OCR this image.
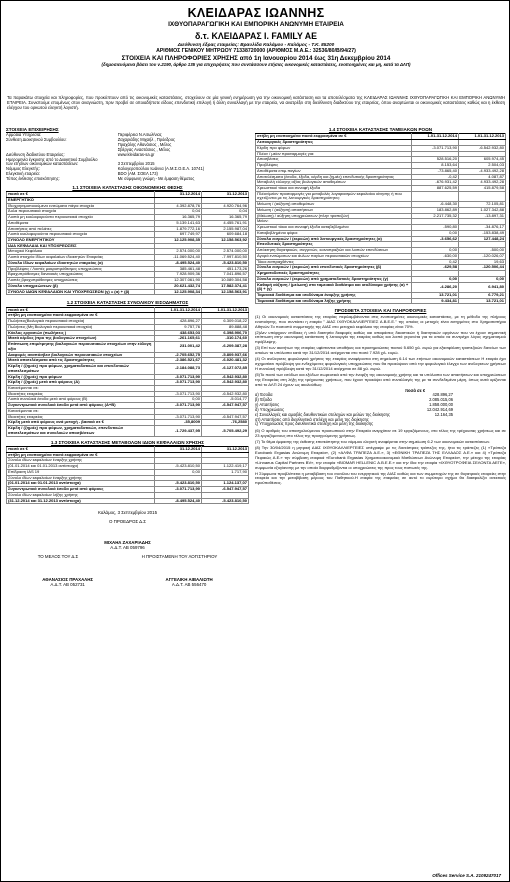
ΚΛΕΙΔΑΡΑΣ ΙΩΑΝΝΗΣ
ΙΧΘΥΟΠΑΡΑΓΩΓΙΚΗ ΚΑΙ ΕΜΠΟΡΙΚΗ ΑΝΩΝΥΜΗ ΕΤΑΙΡΕΙΑ
δ.τ. ΚΛΕΙΔΑΡΑΣ Ι. FAMILY AE
Διεύθυνση έδρας εταιρείας: Βραυλίδα Καλάμου - Καλάμος - Τ.Κ. 85200
ΑΡΙΘΜΟΣ ΓΕΝΙΚΟΥ ΜΗΤΡΩΟΥ 71338720000 (ΑΡΙΘΜΟΣ Μ.Α.Ε.: 32536/80/Β/94/27)
ΣΤΟΙΧΕΙΑ ΚΑΙ ΠΛΗΡΟΦΟΡΙΕΣ ΧΡΗΣΗΣ από 1η Ιανουαρίου 2014 έως 31η Δεκεμβρίου 2014
(δημοσιευόμενα βάσει του ν.2190, άρθρο 135 για επιχειρήσεις που συντάσσουν ετήσιες οικονομικές καταστάσεις, ενοποιημένες και μη, κατά τα ΔΛΠ)
Τα παρακάτω στοιχεία και πληροφορίες, που προκύπτουν από τις οικονομικές καταστάσεις, στοχεύουν σε μία γενική ενημέρωση για την οικονομική κατάσταση και τα αποτελέσματα της ΚΛΕΙΔΑΡΑΣ ΙΩΑΝΝΗΣ ΙΧΘΥΟΠΑΡΑΓΩΓΙΚΗ ΚΑΙ ΕΜΠΟΡΙΚΗ ΑΝΩΝΥΜΗ ΕΤΑΙΡΕΙΑ. Συνιστούμε επομένως στον αναγνώστη, πριν προβεί σε οποιαδήποτε είδους επενδυτική επιλογή ή άλλη συναλλαγή με την εταιρεία, να ανατρέξει στη διεύθυνση διαδικτύου της εταιρείας, όπου αναρτώνται οι οικονομικές καταστάσεις καθώς και η έκθεση ελέγχου του ορκωτού ελεγκτή λογιστή.
ΣΤΟΙΧΕΙΑ ΕΠΙΧΕΙΡΗΣΗΣ
Αρμόδια Υπηρεσία:	Περιφέρεια Ν.Αιτωλ/νιας
Σύνθεση Διοικητικού Συμβουλίου:	Ζαχαριάδης Μιχαήλ , Πρόεδρος
Πραχάλης Αθανάσιος , Μέλος
Σβέργας Αναστάσιος , Μέλος
Διεύθυνση διαδικτύου Εταιρείας:	www.kleidaras-sa.gr
Ημερομηνία έγκρισης από το Διοικητικό Συμβούλιο
των ετήσιων οικονομικών καταστάσεων:	3 Σεπτεμβρίου 2015
Νόμιμος Ελεγκτής:	Καλογεροπούλου Ιωάννα (Α.Μ.Σ.Ο.Ε.Λ. 10741)
Ελεγκτική εταιρεία:	BDO (ΑΜ. ΣΟΕΛ 173)
Τύπος έκθεσης επισκόπησης:	Με σύμφωνη γνώμη - Με έμφαση θέματος
1.1 ΣΤΟΙΧΕΙΑ ΚΑΤΑΣΤΑΣΗΣ ΟΙΚΟΝΟΜΙΚΗΣ ΘΕΣΗΣ
ποσά σε €	31.12.2014	31.12.2013
ΕΝΕΡΓΗΤΙΚΟ		
Ιδιοχρησιμοποιούμενα ενσώματα πάγια στοιχεία	4.392.878,76	4.920.764,96
Άυλα περιουσιακά στοιχεία	0,04	0,04
Λοιπά μη κυκλοφορούντα περιουσιακά στοιχεία	16.365,79	16.365,79
Αποθέματα	5.139.141,63	4.455.761,91
Απαιτήσεις από πελάτες	1.879.772,16	2.155.987,04
Λοιπά κυκλοφορούντα περιουσιακά στοιχεία	697.749,97	609.684,18
ΣΥΝΟΛΟ ΕΝΕΡΓΗΤΙΚΟΥ	12.125.908,35	12.158.563,92
ΙΔΙΑ ΚΕΦΑΛΑΙΑ ΚΑΙ ΥΠΟΧΡΕΩΣΕΙΣ		
Μετοχικό Κεφάλαιο	2.574.000,00	2.574.000,00
Λοιπά στοιχεία Ιδίων κεφαλαίων ιδιοκτητών Εταιρείας	-11.069.524,40	-7.997.810,50
Σύνολο Ιδίων κεφαλαίων ιδιοκτητών εταιρείας (α)	-8.495.524,40	-5.423.810,50
Προβλέψεις / Λοιπές μακροπρόθεσμες υποχρεώσεις	385.461,48	451.173,26
Βραχυπρόθεσμες δανειακές υποχρεώσεις	7.928.909,36	7.041.896,57
Λοιπές βραχυπρόθεσμες υποχρεώσεις	12.307.061,90	10.089.304,58
Σύνολο υποχρεώσεων (β)	20.621.432,74	17.582.374,41
ΣΥΝΟΛΟ ΙΔΙΩΝ ΚΕΦΑΛΑΙΩΝ ΚΑΙ ΥΠΟΧΡΕΩΣΕΩΝ (γ) = (α) + (β)	12.125.908,34	12.158.563,91
1.2 ΣΤΟΙΧΕΙΑ ΚΑΤΑΣΤΑΣΗΣ ΣΥΝΟΛΙΚΟΥ ΕΙΣΟΔΗΜΑΤΟΣ
ποσά σε €	1.01-31.12.2014	1.01-31.12.2013
στήλη μη ενοποιημένα ποσά εκφρασμένα σε €		
Πωλήσεις(Βιολογικά περιουσιακά στοιχεία)	428.896,27	6.309.018,22
Πωλήσεις (Μη Βιολογικά περιουσιακά στοιχεία)	9.757,76	89.888,48
Κύκλος εργασιών (πωλήσεις )	438.653,03	6.398.906,70
Μικτά κέρδος (προ της βιολογικών στοιχείων)	-261.165,61	-310.174,60
Επίπτωση επιμέτρησης βιολογικών περιουσιακών στοιχείων στην εύλογη αξία	231.001,42	-6.209.387,28
Διαφορές αναπόσβεσ βιολογικών περιουσιακών στοιχείων	-2.705.652,75	-5.809.937,66
Μικτά αποτελέσματα από τις δραστηριότητες	-2.386.521,67	-6.020.481,32
Κέρδη / (ζημιές) προ φόρων, χρηματοδοτικών και επενδυτικών αποτελεσμάτων	-2.184.088,73	-6.127.072,85
Κέρδη / (ζημιές) προ φόρων	-3.071.713,90	-6.542.932,80
Κέρδη / (ζημιές) μετά από φόρους (Α)	-3.071.713,90	-6.542.932,80
Κατανέμονται σε:		
Ιδιοκτήτες εταιρείας	-3.071.713,90	-6.542.932,80
Λοιπά συνολικά έσοδα μετά από φόρους (Β)	0,00	-5.014,77
Συγκεντρωτικά συνολικά έσοδα μετά από φόρους (Α+Β)	-3.071.713,90	-6.547.947,57
Κατανέμονται σε:		
Ιδιοκτήτες εταιρείας	-3.071.713,90	-6.547.947,57
Κέρδη μετά από φόρους ανά μετοχή - βασικά σε €	-35,8009	-76,2580
Κέρδη / (ζημιές) προ φόρων, χρηματοδοτικών, επενδυτικών αποτελεσμάτων και συνολικών αποσβέσεων	-1.729.437,95	-5.705.492,29
1.3 ΣΤΟΙΧΕΙΑ ΚΑΤΑΣΤΑΣΗΣ ΜΕΤΑΒΟΛΩΝ ΙΔΙΩΝ ΚΕΦΑΛΑΙΩΝ ΧΡΗΣΗΣ
ποσά σε €	31.12.2014	31.12.2013
στήλη μη ενοποιημένα ποσά εκφρασμένα σε €		
Σύνολο ιδίων κεφαλαίων έναρξης χρήσης		
(01.01.2014 και 01.01.2013 αντίστοιχα)	-5.423.810,50	1.122.419,17
Επίδραση IAS 19	0,00	1.717,90
Σύνολο ιδίων κεφαλαίων έναρξης χρήσης		
(01.01.2014 και 01.01.2013 αντίστοιχα)	-5.423.810,50	1.124.137,07
Συγκεντρωτικά συνολικά έσοδα μετά από φόρους	-3.071.713,90	-6.547.947,57
Σύνολο ιδίων κεφαλαίων λήξης χρήσης		
(31.12.2014 και 31.12.2013 αντίστοιχα)	-8.495.524,40	-5.423.810,50
Καλάμος, 3 Σεπτεμβρίου 2015
Ο ΠΡΟΕΔΡΟΣ Δ.Σ
ΜΙΧΑΗΛ ΖΑΧΑΡΙΑΔΗΣ
Α.Δ.Τ. ΑΒ 059796
ΤΟ ΜΕΛΟΣ ΤΟΥ Δ.Σ	Η ΠΡΟΙΣΤΑΜΕΝΗ ΤΟΥ ΛΟΓΙΣΤΗΡΙΟΥ
ΑΘΑΝΑΣΙΟΣ ΠΡΑΧΑΛΗΣ
Α.Δ.Τ. ΑΒ 052731
ΑΓΓΕΛΙΚΗ ΑΙΒΑΛΙΩΤΗ
Α.Δ.Τ. ΑΒ 556470
1.4 ΣΤΟΙΧΕΙΑ ΚΑΤΑΣΤΑΣΗΣ ΤΑΜΕΙΑΚΩΝ ΡΟΩΝ
στήλη μη ενοποιημένα ποσά εκφρασμένα σε €	1.01-31.12.2014	1.01-31.12.2013
Λειτουργικές δραστηριότητες		
Κέρδη προ φόρων	-3.071.713,90	-6.542.932,80
Πλέον / μείον προσαρμογές για:		
Αποσβέσεις	528.516,20	605.974,45
Προβλέψεις	8.153,64	2.504,03
Αποθέματα επιμ.παγίων	-73.865,40	-4.933.492,28
Αποτελέσματα (έσοδα, έξοδα, κέρδη και ζημιές) επενδυτικής δραστηριότητας	-0,42	4.087,87
Μεταβολή εύλογης αξίας βιολογικών αποθεμάτων	-676.931,42	4.933.492,28
Χρεωστικοί τόκοι και συναφή έξοδα	887.625,59	415.879,58
Πλέον/μείον προσαρμογές για μεταβολές λογαριασμών κεφαλαίου κίνησης ή που σχετίζονται με τις λειτουργικές δραστηριότητες:		
Μείωση / (αύξηση) αποθεμάτων	-6.448,30	72.105,81
Μείωση / (αύξηση) απαιτήσεων	183.862,89	1.027.342,88
(Μείωση) / αύξηση υποχρεώσεων (πλην τραπεζών)	2.217.735,32	-13.897,31
Μείον:		
Χρεωστικοί τόκοι και συναφή έξοδα καταβεβλημένα	-590,80	-34.876,17
Καταβεβλημένοι φόροι	0,00	-153.838,49
Σύνολο εισροών / (εκροών) από λειτουργικές δραστηριότητες (α)	-3.656,62	127.448,24
Επενδυτικές δραστηριότητες		
Απόκτηση θυγατρικών, συγγενών, κοινοπραξιών και λοιπών επενδύσεων	0,00	-500,00
Αγορά ενσώματων και άυλων παγίων περιουσιακών στοιχείων	-630,00	-120.026,07
Τόκοι εισπραχθέντες	0,42	19,63
Σύνολο εισροών / (εκροών) από επενδυτικές δραστηριότητες (β)	-629,58	-120.506,44
Χρηματοδοτικές δραστηριότητες		
Σύνολο εισροών / (εκροών) από χρηματοδοτικές δραστηριότητες (γ)	0,00	0,00
Καθαρή αύξηση / (μείωση) στα ταμειακά διαθέσιμα και ισοδύναμα χρήσης (α) + (β) + (γ)	-4.286,20	6.941,80
Ταμειακά διαθέσιμα και ισοδύναμα έναρξης χρήσης	13.721,01	6.779,21
Ταμειακά διαθέσιμα και ισοδύναμα λήξης χρήσης	9.434,81	13.721,01
ΠΡΟΣΘΕΤΑ ΣΤΟΙΧΕΙΑ ΚΑΙ ΠΛΗΡΟΦΟΡΙΕΣ
(1) Οι οικονομικές καταστάσεις της εταιρίας περιλαμβάνονται στις ενοποιημένες οικονομικές καταστάσεις, με τη μέθοδο της πλήρους ενοποίησης, που συντάσει η εταιρία " ΔΙΑΣ ΙΧΘΥΟΚΑΛΛΙΕΡΓΕΙΕΣ Α.Β.Ε.Ε." της οποίας οι μετοχές είναι εισηγμένες στο Χρηματιστήριο Αθηνών.Το ποσοστό συμμετοχής της ΔΙΑΣ στο μετοχικό κεφάλαιο της εταιρίας είναι 70%.
(2)Δεν υπάρχουν επίδικες ή υπό διαιτησία διαφορές καθώς και αποφάσεις δικαστικών ή διαιτητικών οργάνων που να έχουν σημαντική επίπτωση στην οικονομική κατάσταση ή λειτουργία της εταιρίας καθώς και λοιπά γεγονότα για τα οποία να συντρέχει λόγος σχηματισμού πρόβλεψης.
(3) Επί των ακινήτων της εταιρίας υφίστανται υποθήκες και προσημειώσεις ποσού 5.650 χιλ. ευρώ για εξασφάλιση τραπεζικών δανείων των οποίων τα υπόλοιπα κατά την 31/12/2014 ανέρχονται στο ποσό 7.928 χιλ. ευρώ.
(4) Οι ανέλεγκτες φορολογικά χρήσεις της εταιρίας αναφέρονται στη σημείωση 6.14 των ετήσιων οικονομικών καταστάσεων Η εταιρία έχει σχηματίσει πρόβλεψη για ενδεχόμενες φορολογικές υποχρεώσεις που θα προκύψουν από την φορολογικό έλεγχο των ανέλεγκτων χρήσεων Η συνολική πρόβλεψη κατά την 31/12/2014 ανέρχεται σε 88 χιλ. ευρώ.
(5)Το ποσό των εσόδων και εξόδων σωρευτικά από την έναρξη της οικονομικής χρήσης και τα υπόλοιπα των απαιτήσεων και υποχρεώσεων της Εταιρείας στη λήξη της τρέχουσας χρήσεως, που έχουν προκύψει από συναλλαγές της με τα συνδεδεμένα μέρη, όπως αυτά ορίζονται από το ΔΛΠ 24 έχουν ως ακολούθως:
ποσά σε €
α) Έσοδα	428.896,27
β) Έξοδα	2.085.015,06
γ) Απαιτήσεις	1.858.000,00
δ) Υποχρεώσεις	12.042.914,69
ε) Συναλλαγές και αμοιβές διευθυντικών στελεχών και μελών της διοίκησης	12.164,35
στ) Απαιτήσεις από διευθυντικά στελέχη και μέλη της διοίκησης
ζ) Υποχρεώσεις προς διευθυντικά στελέχη και μέλη της διοίκησης
(6) Ο αριθμός του απασχολούμενου προσωπικού στην Εταιρεία ανερχόταν σε 19 εργαζόμενους, στο τέλος της τρέχουσας χρήσεως και σε 23 εργαζόμενους στο τέλος της προηγούμενης χρήσεως.
(7) Το θέμα έμφασης της έκθεσης επισκόπησης του νόμιμου ελεγκτή αναφέρεται στην σημείωση 6.2 των οικονομικών καταστάσεων.
(8) Την 30/04/2015 η μητρική ΔΙΑΣ ΙΧΘΥΟΚΑΛΛΙΕΡΓΕΙΕΣ υπέγραψε με τις δανείστριες τράπεζες της, ήτοι τις τράπεζες (1) «Τράπεζα Eurobank Ergasias Ανώνυμη Εταιρεία», (2) «ΑΛΦΑ ΤΡΑΠΕΖΑ Α.Ε.», 3) «ΕΘΝΙΚΗ ΤΡΑΠΕΖΑ ΤΗΣ ΕΛΛΑΔΟΣ Α.Ε.» και 4) «Τράπεζα Πειραιώς Α.Ε.» την σύμβαση εταιρικά «Eurobank Ergasias Χρηματοοικονομικά Μισθώσεων Ανώνυμη Εταιρεία», την μέτοχο της εταιρίας «Linnaeus Capital Partners BV», την εταιρία «BIOMAR HELLENIC A.B.E.E.» και την ίδια την εταιρία «ΙΧΘΥΟΤΡΟΦΕΙΑ ΣΕΛΟΝΤΑ ΑΕΓΕ», συμφωνία εξυγίανσης με την οποία διαρρυθμίζονται οι υποχρεώσεις της προς τους πιστωτές της.
Η Σύμφωνα προβλέπεται η μεταβίβαση του συνόλου του ενεργητικού της ΔΙΑΣ καθώς και των συμμετοχών της σε θυγατρικές εταιρείες στην εταιρεία και την μεταβίβαση μέρους του Παθητικού.Η εταιρία της εταιρείας σε αυτό το ευρύτερο σχήμα θα διασφαλίζει ανεκτικές προϋποθέσεις.
Offices Service S.A. 2109247017
